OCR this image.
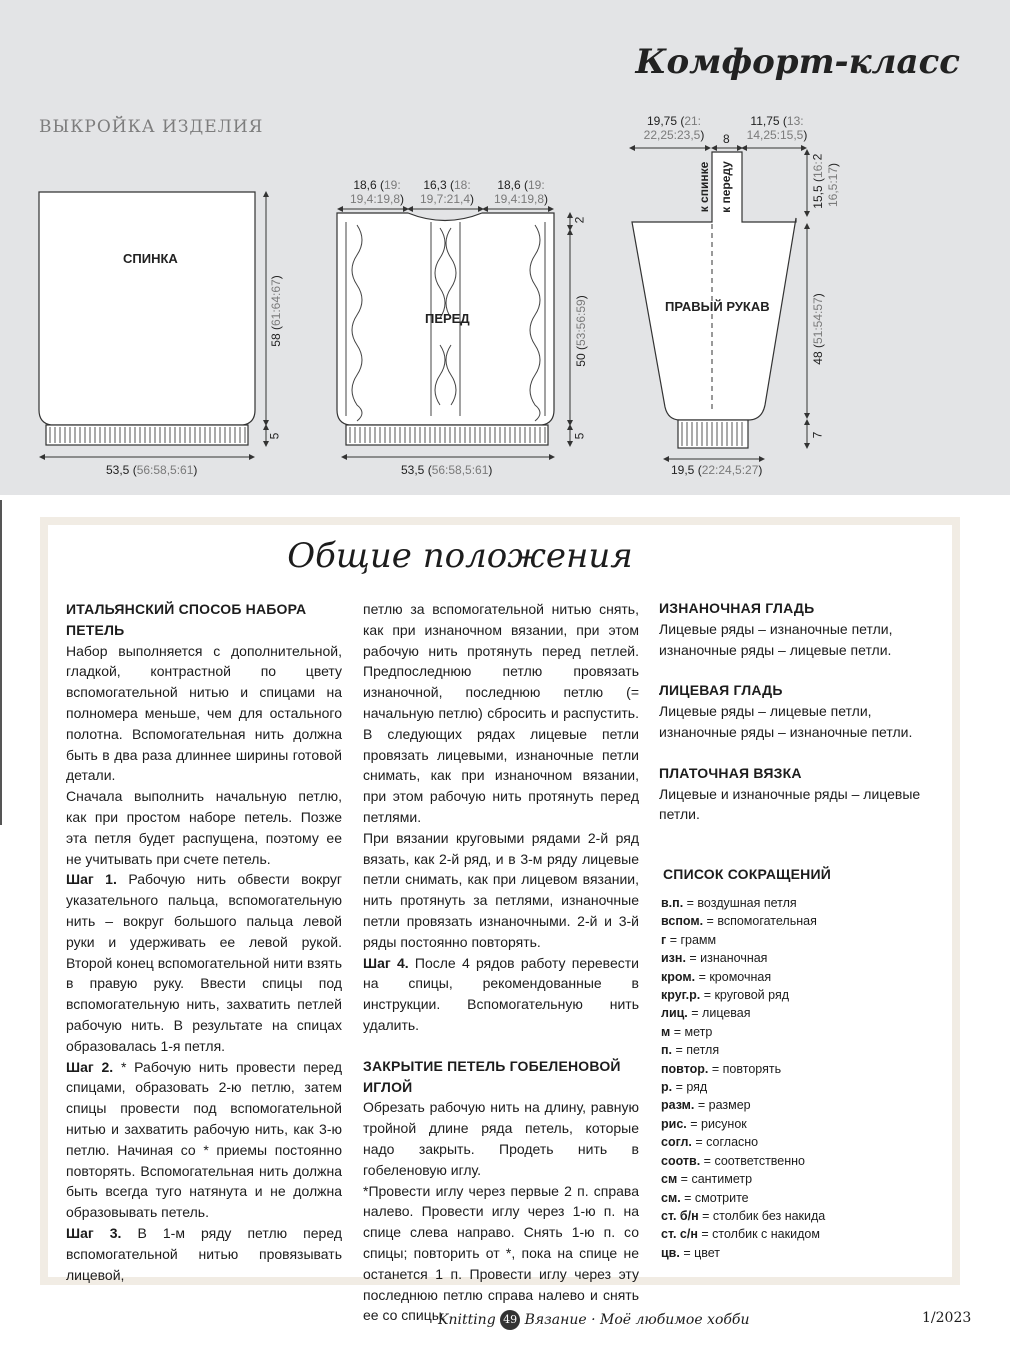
Комфорт-класс
ВЫКРОЙКА ИЗДЕЛИЯ
СПИНКА
58 (61:64:67)
5
53,5 (56:58,5:61)
ПЕРЕД
18,6 (19:
19,4:19,8)
16,3 (18:
19,7:21,4)
18,6 (19:
19,4:19,8)
2
50 (53:56:59)
5
53,5 (56:58,5:61)
ПРАВЫЙ РУКАВ
19,75 (21:
22,25:23,5) 8
11,75 (13:
14,25:15,5)
к спинке к переду
2
15,5 (16: 16,5:17)
48 (51:54:57)
7
19,5 (22:24,5:27)
Общие положения
ИТАЛЬЯНСКИЙ СПОСОБ НАБОРА ПЕТЕЛЬ

Набор выполняется с дополнительной, гладкой, контрастной по цвету вспомогательной нитью и спицами на полномера меньше, чем для остального полотна. Вспомогательная нить должна быть в два раза длиннее ширины готовой детали.

Сначала выполнить начальную петлю, как при простом наборе петель. Позже эта петля будет распущена, поэтому ее не учитывать при счете петель.

Шаг 1. Рабочую нить обвести вокруг указательного пальца, вспомогательную нить – вокруг большого пальца левой руки и удерживать ее левой рукой. Второй конец вспомогательной нити взять в правую руку. Ввести спицы под вспомогательную нить, захватить петлей рабочую нить. В результате на спицах образовалась 1-я петля.

Шаг 2. * Рабочую нить провести перед спицами, образовать 2-ю петлю, затем спицы провести под вспомогательной нитью и захватить рабочую нить, как 3-ю петлю. Начиная со * приемы постоянно повторять. Вспомогательная нить должна быть всегда туго натянута и не должна образовывать петель.

Шаг 3. В 1-м ряду петлю перед вспомогательной нитью провязывать лицевой,

петлю за вспомогательной нитью снять, как при изнаночном вязании, при этом рабочую нить протянуть перед петлей. Предпоследнюю петлю провязать изнаночной, последнюю петлю (= начальную петлю) сбросить и распустить. В следующих рядах лицевые петли провязать лицевыми, изнаночные петли снимать, как при изнаночном вязании, при этом рабочую нить протянуть перед петлями.

При вязании круговыми рядами 2-й ряд вязать, как 2-й ряд, и в 3-м ряду лицевые петли снимать, как при лицевом вязании, нить протянуть за петлями, изнаночные петли провязать изнаночными. 2-й и 3-й ряды постоянно повторять.

Шаг 4. После 4 рядов работу перевести на спицы, рекомендованные в инструкции. Вспомогательную нить удалить.

ЗАКРЫТИЕ ПЕТЕЛЬ ГОБЕЛЕНОВОЙ ИГЛОЙ

Обрезать рабочую нить на длину, равную тройной длине ряда петель, которые надо закрыть. Продеть нить в гобеленовую иглу.

*Провести иглу через первые 2 п. справа налево. Провести иглу через 1-ю п. на спице слева направо. Снять 1-ю п. со спицы; повторить от *, пока на спице не останется 1 п. Провести иглу через эту последнюю петлю справа налево и снять ее со спицы.

ИЗНАНОЧНАЯ ГЛАДЬ

Лицевые ряды – изнаночные петли, изнаночные ряды – лицевые петли.

ЛИЦЕВАЯ ГЛАДЬ

Лицевые ряды – лицевые петли, изнаночные ряды – изнаночные петли.

ПЛАТОЧНАЯ ВЯЗКА

Лицевые и изнаночные ряды – лицевые петли.

СПИСОК СОКРАЩЕНИЙ
в.п. = воздушная петля
вспом. = вспомогательная
г = грамм
изн. = изнаночная
кром. = кромочная
круг.р. = круговой ряд
лиц. = лицевая
м = метр
п. = петля
повтор. = повторять
р. = ряд
разм. = размер
рис. = рисунок
согл. = согласно
соотв. = соответственно
см = сантиметр
см. = смотрите
ст. б/н = столбик без накида
ст. с/н = столбик с накидом
цв. = цвет
Knitting 49 Вязание · Моё любимое хобби	1/2023
